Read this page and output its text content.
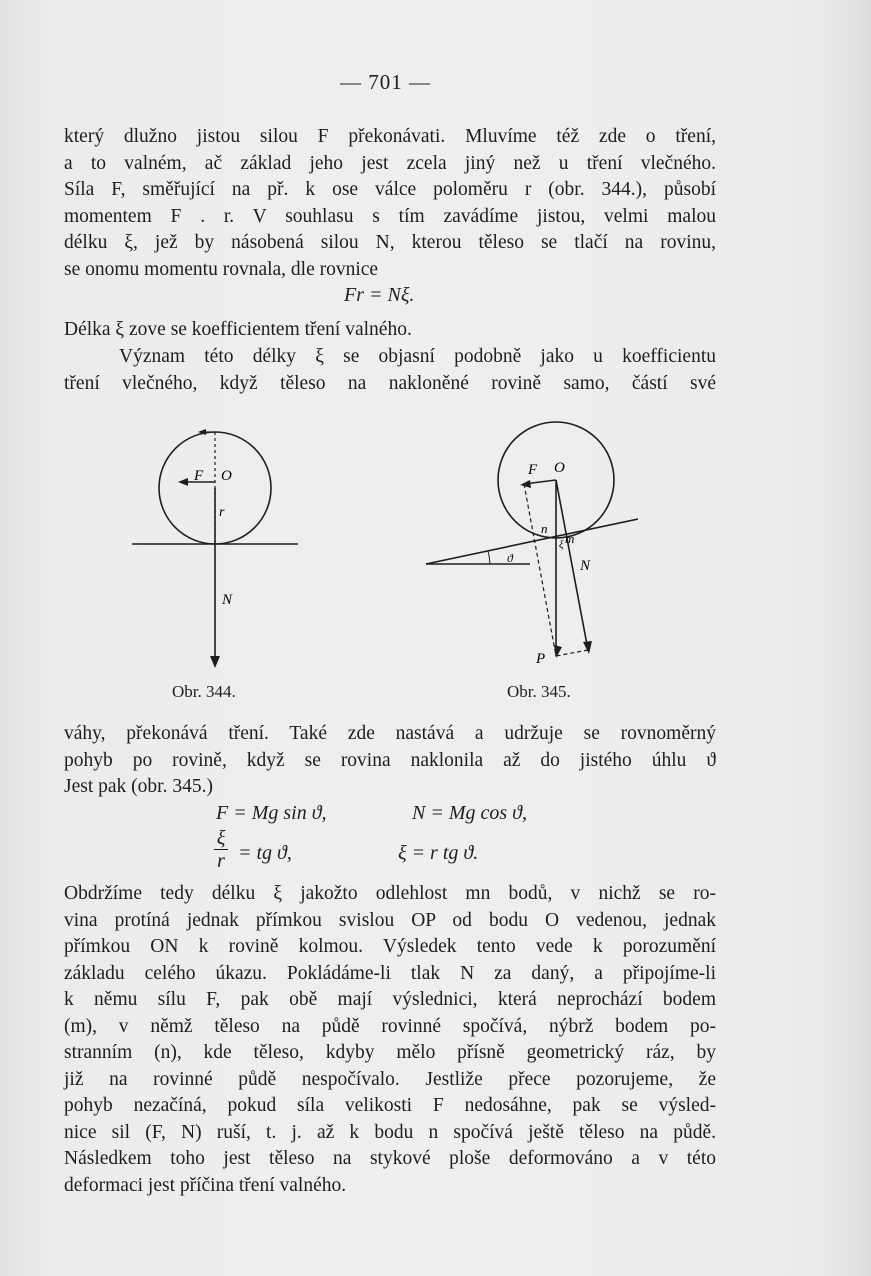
— 701 —

který dlužno jistou silou F překonávati. Mluvíme též zde o tření,
a to valném, ač základ jeho jest zcela jiný než u tření vlečného.
Síla F, směřující na př. k ose válce poloměru r (obr. 344.), působí
momentem F . r. V souhlasu s tím zavádíme jistou, velmi malou
délku ξ, jež by násobená silou N, kterou těleso se tlačí na rovinu,
se onomu momentu rovnala, dle rovnice

Fr = Nξ.

Délka ξ zove se koefficientem tření valného.

Význam této délky ξ se objasní podobně jako u koefficientu
tření vlečného, když těleso na nakloněné rovině samo, částí své

F O
r
N
Obr. 344.
F O
n
m
ξ
ϑ	N
P
Obr. 345.

váhy, překonává tření. Také zde nastává a udržuje se rovnoměrný
pohyb po rovině, když se rovina naklonila až do jistého úhlu ϑ
Jest pak (obr. 345.)

F = Mg sin ϑ,	N = Mg cos ϑ,
ξ
r = tg ϑ,	ξ = r tg ϑ.

Obdržíme tedy délku ξ jakožto odlehlost mn bodů, v nichž se ro-
vina protíná jednak přímkou svislou OP od bodu O vedenou, jednak
přímkou ON k rovině kolmou. Výsledek tento vede k porozumění
základu celého úkazu. Pokládáme-li tlak N za daný, a připojíme-li
k němu sílu F, pak obě mají výslednici, která neprochází bodem
(m), v němž těleso na půdě rovinné spočívá, nýbrž bodem po-
stranním (n), kde těleso, kdyby mělo přísně geometrický ráz, by
již na rovinné půdě nespočívalo. Jestliže přece pozorujeme, že
pohyb nezačíná, pokud síla velikosti F nedosáhne, pak se výsled-
nice sil (F, N) ruší, t. j. až k bodu n spočívá ještě těleso na půdě.
Následkem toho jest těleso na stykové ploše deformováno a v této
deformaci jest příčina tření valného.
